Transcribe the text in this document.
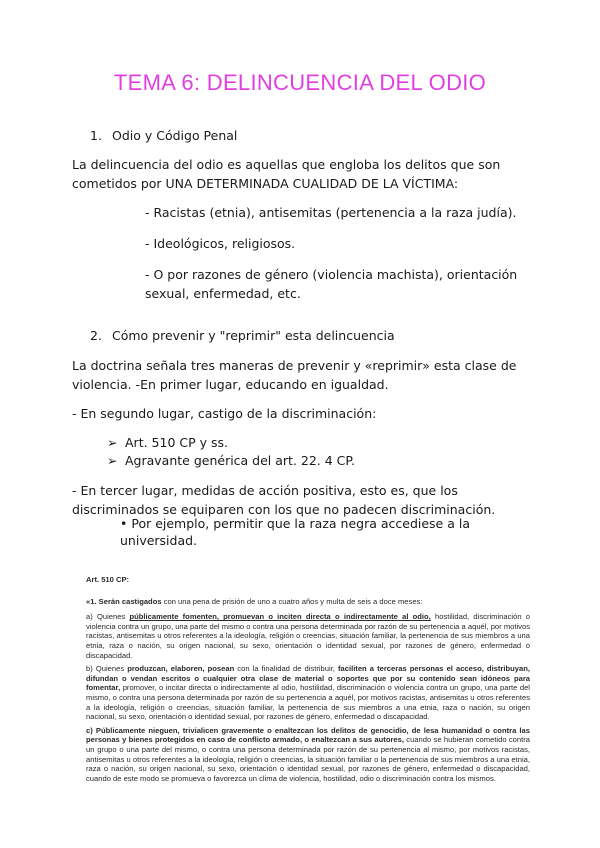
TEMA 6: DELINCUENCIA DEL ODIO
1. Odio y Código Penal

La delincuencia del odio es aquellas que engloba los delitos que son cometidos por UNA DETERMINADA CUALIDAD DE LA VÍCTIMA:

- Racistas (etnia), antisemitas (pertenencia a la raza judía).

- Ideológicos, religiosos.

- O por razones de género (violencia machista), orientación sexual, enfermedad, etc.

2. Cómo prevenir y "reprimir" esta delincuencia

La doctrina señala tres maneras de prevenir y «reprimir» esta clase de violencia. -En primer lugar, educando en igualdad.

- En segundo lugar, castigo de la discriminación:

➢ Art. 510 CP y ss.

➢ Agravante genérica del art. 22. 4 CP.

- En tercer lugar, medidas de acción positiva, esto es, que los discriminados se equiparen con los que no padecen discriminación.

• Por ejemplo, permitir que la raza negra accediese a la universidad.

Art. 510 CP:

«1. Serán castigados con una pena de prisión de uno a cuatro años y multa de seis a doce meses:

a) Quienes públicamente fomenten, promuevan o inciten directa o indirectamente al odio, hostilidad, discriminación o violencia contra un grupo, una parte del mismo o contra una persona determinada por razón de su pertenencia a aquél, por motivos racistas, antisemitas u otros referentes a la ideología, religión o creencias, situación familiar, la pertenencia de sus miembros a una etnia, raza o nación, su origen nacional, su sexo, orientación o identidad sexual, por razones de género, enfermedad o discapacidad.

b) Quienes produzcan, elaboren, posean con la finalidad de distribuir, faciliten a terceras personas el acceso, distribuyan, difundan o vendan escritos o cualquier otra clase de material o soportes que por su contenido sean idóneos para fomentar, promover, o incitar directa o indirectamente al odio, hostilidad, discriminación o violencia contra un grupo, una parte del mismo, o contra una persona determinada por razón de su pertenencia a aquél, por motivos racistas, antisemitas u otros referentes a la ideología, religión o creencias, situación familiar, la pertenencia de sus miembros a una etnia, raza o nación, su origen nacional, su sexo, orientación o identidad sexual, por razones de género, enfermedad o discapacidad.

c) Públicamente nieguen, trivialicen gravemente o enaltezcan los delitos de genocidio, de lesa humanidad o contra las personas y bienes protegidos en caso de conflicto armado, o enaltezcan a sus autores, cuando se hubieran cometido contra un grupo o una parte del mismo, o contra una persona determinada por razón de su pertenencia al mismo, por motivos racistas, antisemitas u otros referentes a la ideología, religión o creencias, la situación familiar o la pertenencia de sus miembros a una etnia, raza o nación, su origen nacional, su sexo, orientación o identidad sexual, por razones de género, enfermedad o discapacidad, cuando de este modo se promueva o favorezca un clima de violencia, hostilidad, odio o discriminación contra los mismos.
